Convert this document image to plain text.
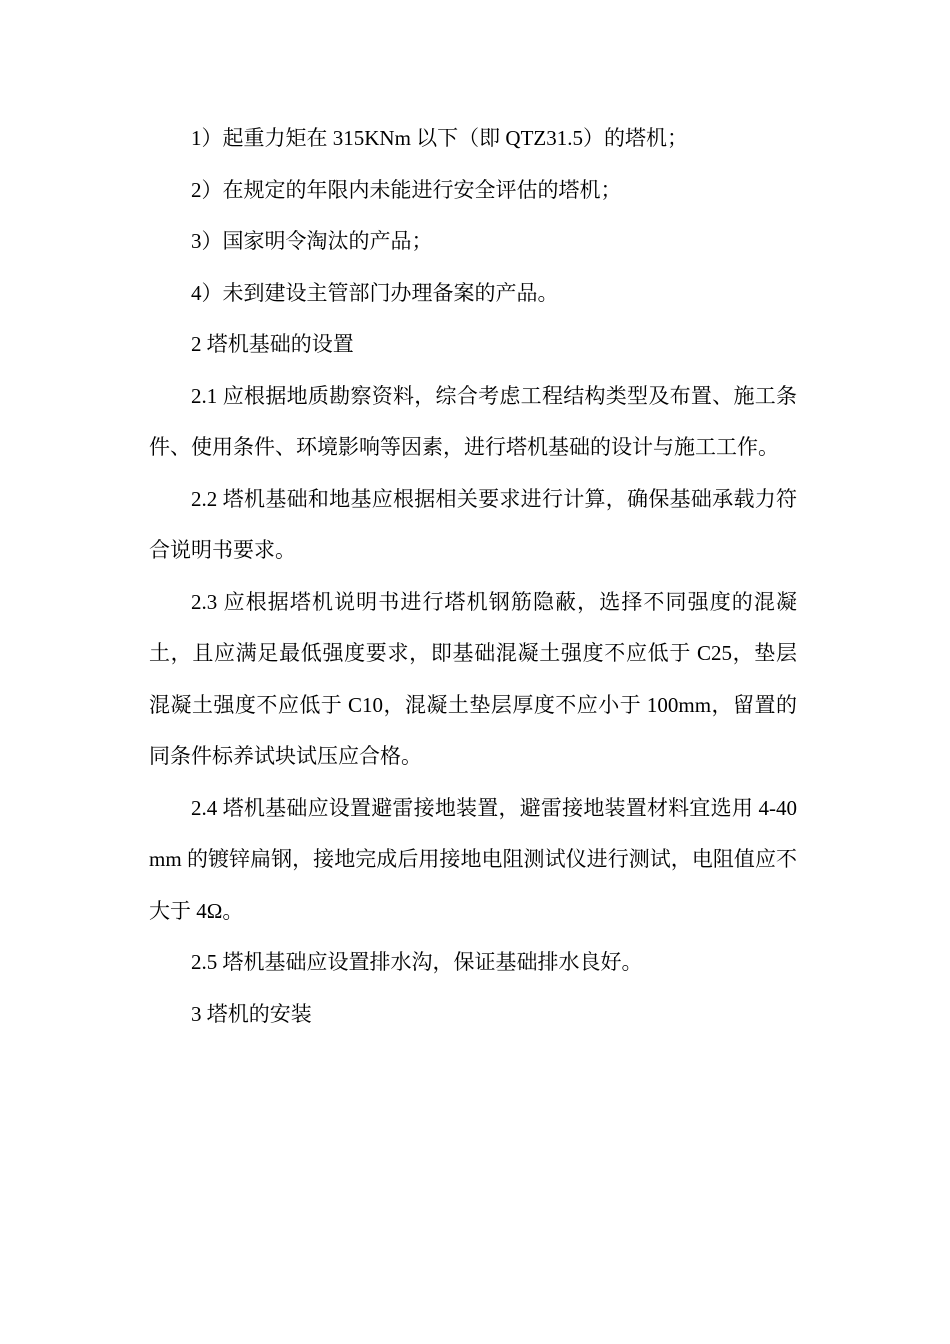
1）起重力矩在 315KNm 以下（即 QTZ31.5）的塔机；

2）在规定的年限内未能进行安全评估的塔机；

3）国家明令淘汰的产品；

4）未到建设主管部门办理备案的产品。

2 塔机基础的设置

2.1 应根据地质勘察资料，综合考虑工程结构类型及布置、施工条件、使用条件、环境影响等因素，进行塔机基础的设计与施工工作。

2.2 塔机基础和地基应根据相关要求进行计算，确保基础承载力符合说明书要求。

2.3 应根据塔机说明书进行塔机钢筋隐蔽，选择不同强度的混凝土，且应满足最低强度要求，即基础混凝土强度不应低于 C25，垫层混凝土强度不应低于 C10，混凝土垫层厚度不应小于 100mm，留置的同条件标养试块试压应合格。

2.4 塔机基础应设置避雷接地装置，避雷接地装置材料宜选用 4-40mm 的镀锌扁钢，接地完成后用接地电阻测试仪进行测试，电阻值应不大于 4Ω。

2.5 塔机基础应设置排水沟，保证基础排水良好。

3 塔机的安装
